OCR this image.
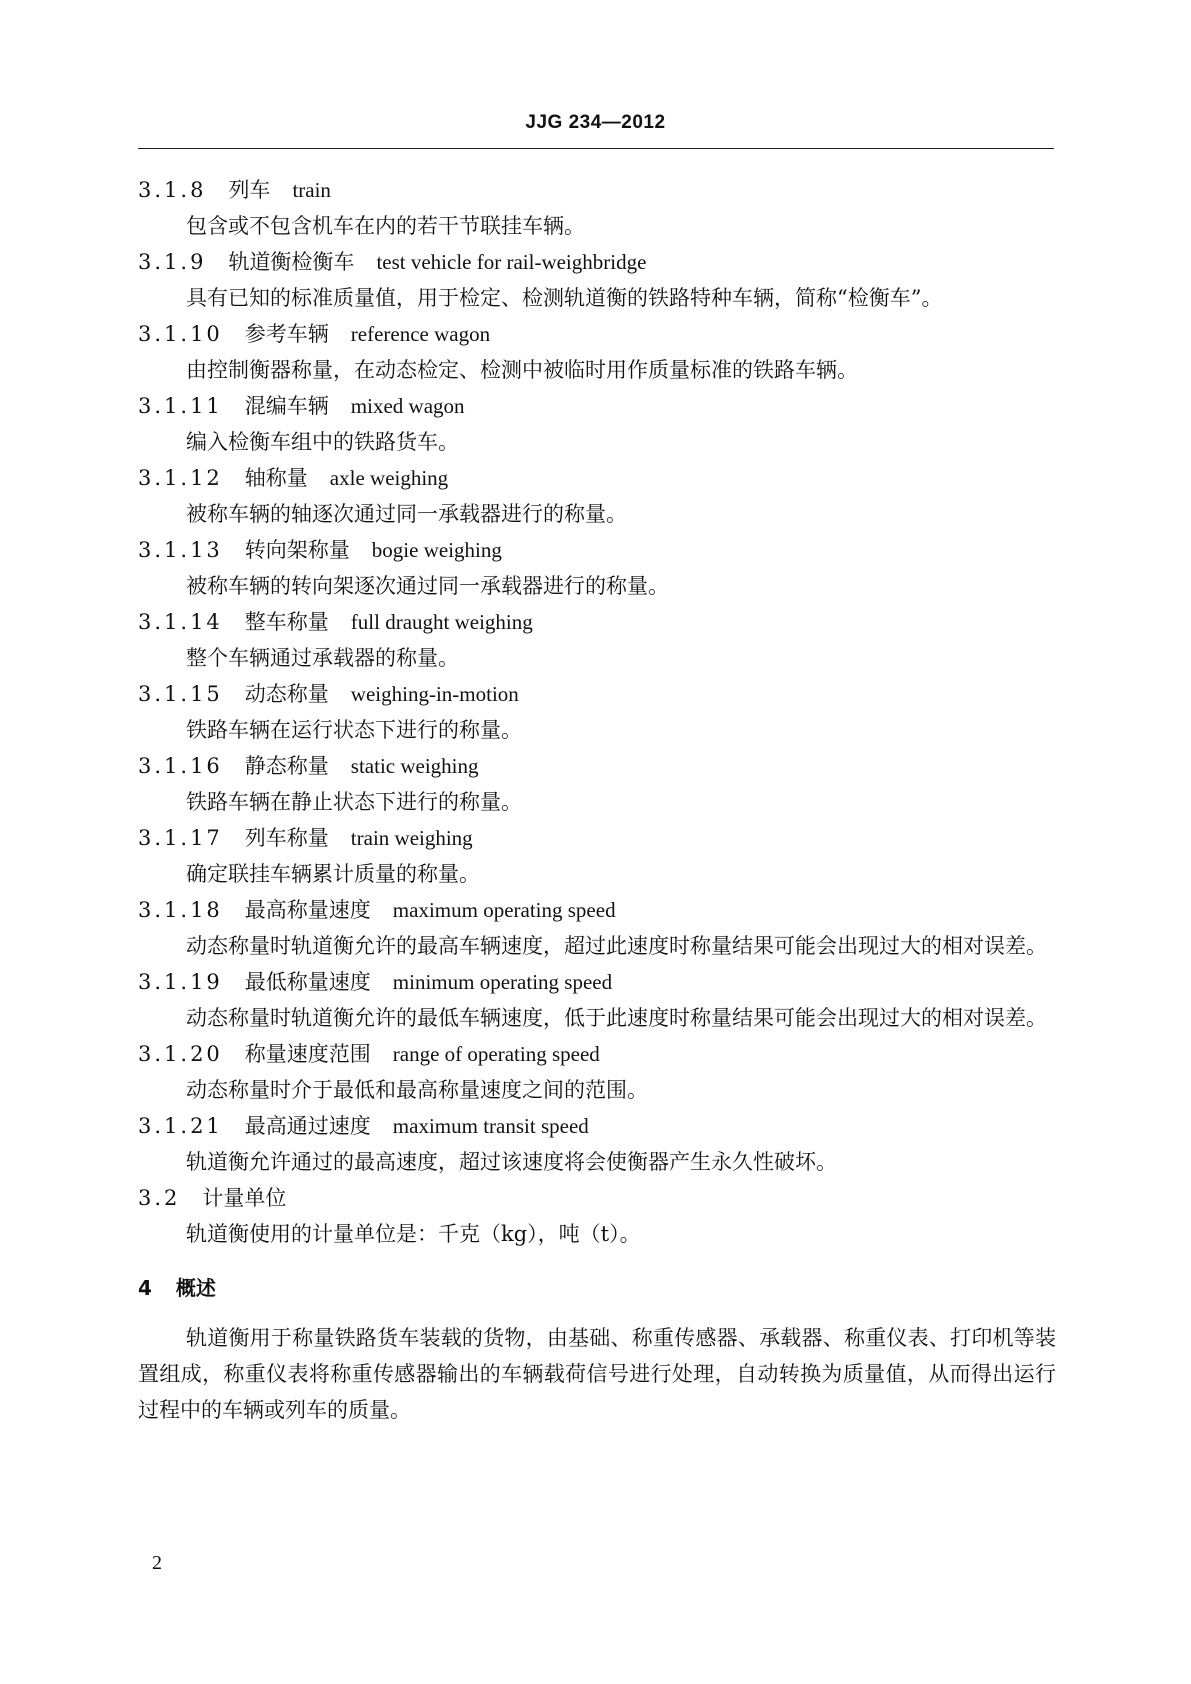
JJG 234—2012
3.1.8 列车 train
包含或不包含机车在内的若干节联挂车辆。
3.1.9 轨道衡检衡车 test vehicle for rail-weighbridge
具有已知的标准质量值，用于检定、检测轨道衡的铁路特种车辆，简称“检衡车”。
3.1.10 参考车辆 reference wagon
由控制衡器称量，在动态检定、检测中被临时用作质量标准的铁路车辆。
3.1.11 混编车辆 mixed wagon
编入检衡车组中的铁路货车。
3.1.12 轴称量 axle weighing
被称车辆的轴逐次通过同一承载器进行的称量。
3.1.13 转向架称量 bogie weighing
被称车辆的转向架逐次通过同一承载器进行的称量。
3.1.14 整车称量 full draught weighing
整个车辆通过承载器的称量。
3.1.15 动态称量 weighing-in-motion
铁路车辆在运行状态下进行的称量。
3.1.16 静态称量 static weighing
铁路车辆在静止状态下进行的称量。
3.1.17 列车称量 train weighing
确定联挂车辆累计质量的称量。
3.1.18 最高称量速度 maximum operating speed
动态称量时轨道衡允许的最高车辆速度，超过此速度时称量结果可能会出现过大的相对误差。
3.1.19 最低称量速度 minimum operating speed
动态称量时轨道衡允许的最低车辆速度，低于此速度时称量结果可能会出现过大的相对误差。
3.1.20 称量速度范围 range of operating speed
动态称量时介于最低和最高称量速度之间的范围。
3.1.21 最高通过速度 maximum transit speed
轨道衡允许通过的最高速度，超过该速度将会使衡器产生永久性破坏。
3.2 计量单位
轨道衡使用的计量单位是：千克（kg），吨（t）。
4 概述
轨道衡用于称量铁路货车装载的货物，由基础、称重传感器、承载器、称重仪表、打印机等装置组成，称重仪表将称重传感器输出的车辆载荷信号进行处理，自动转换为质量值，从而得出运行过程中的车辆或列车的质量。
2
